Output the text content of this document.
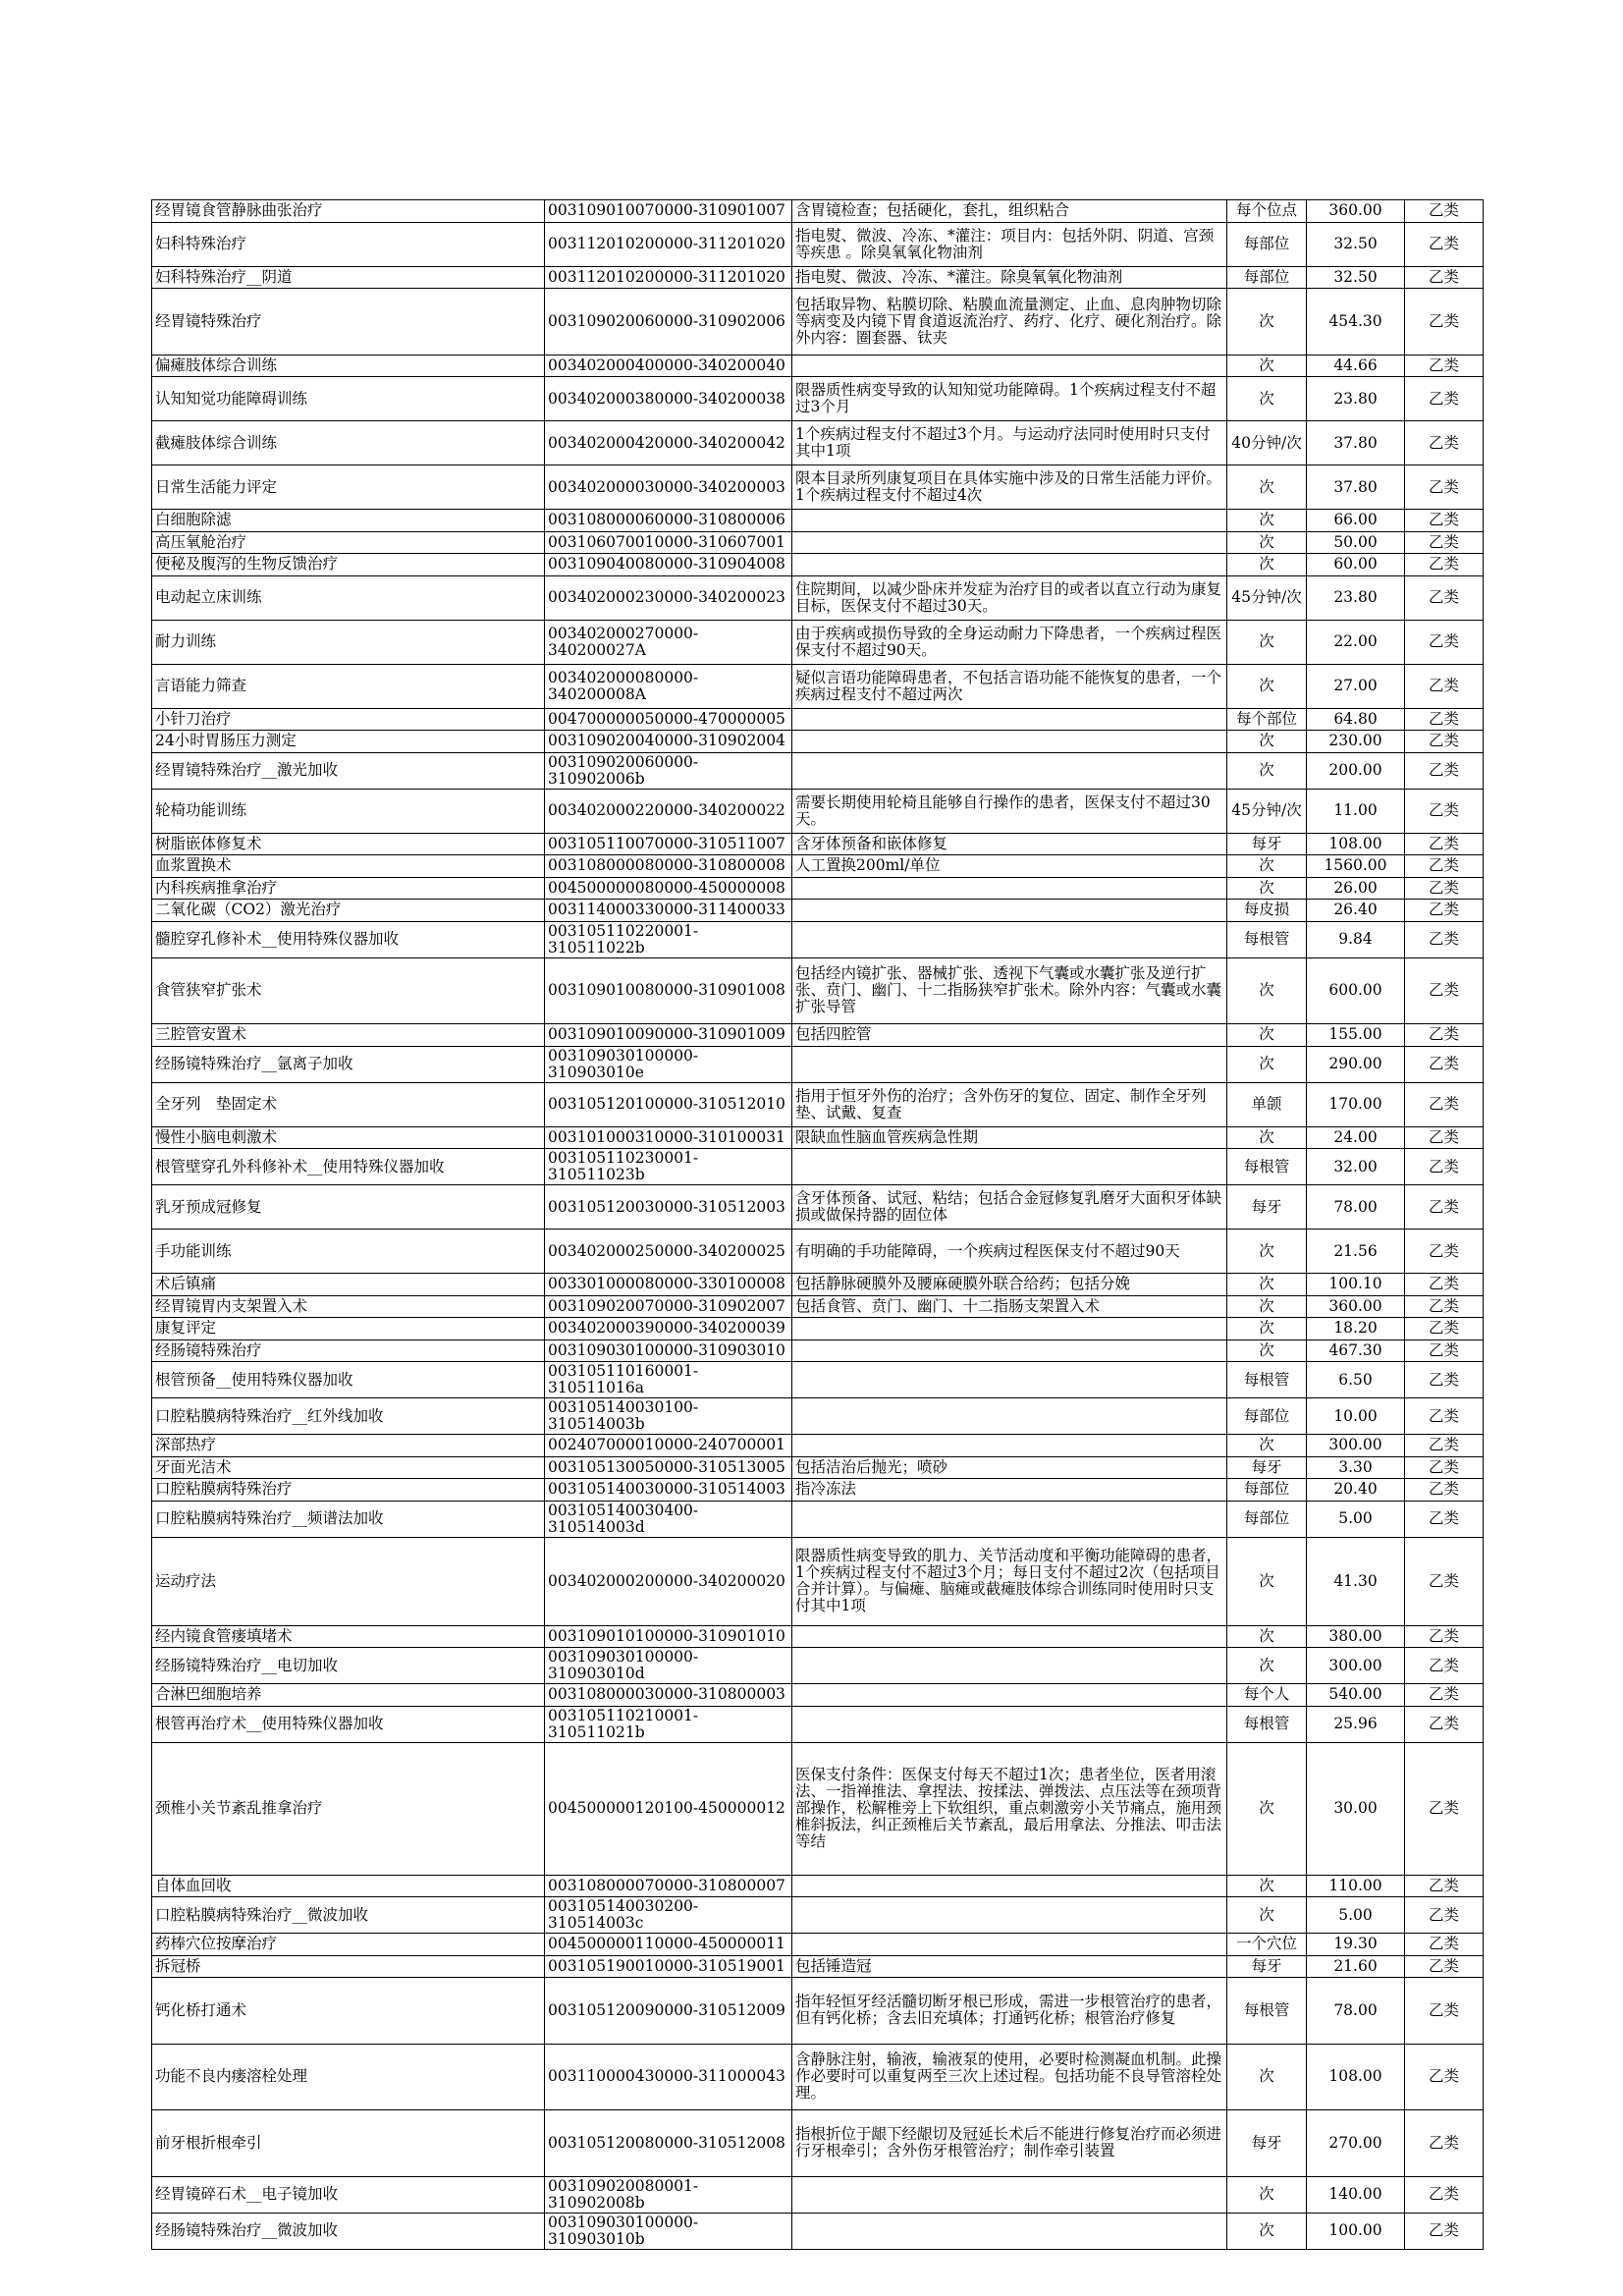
经胃镜食管静脉曲张治疗	003109010070000-310901007	含胃镜检查；包括硬化，套扎，组织粘合	每个位点	360.00	乙类
妇科特殊治疗	003112010200000-311201020	指电熨、微波、冷冻、*灌注：项目内：包括外阴、阴道、宫颈等疾患 。除臭氧氧化物油剂	每部位	32.50	乙类
妇科特殊治疗__阴道	003112010200000-311201020	指电熨、微波、冷冻、*灌注。除臭氧氧化物油剂	每部位	32.50	乙类
经胃镜特殊治疗	003109020060000-310902006	包括取异物、粘膜切除、粘膜血流量测定、止血、息肉肿物切除等病变及内镜下胃食道返流治疗、药疗、化疗、硬化剂治疗。除外内容：圈套器、钛夹	次	454.30	乙类
偏瘫肢体综合训练	003402000400000-340200040		次	44.66	乙类
认知知觉功能障碍训练	003402000380000-340200038	限器质性病变导致的认知知觉功能障碍。1个疾病过程支付不超过3个月	次	23.80	乙类
截瘫肢体综合训练	003402000420000-340200042	1个疾病过程支付不超过3个月。与运动疗法同时使用时只支付其中1项	40分钟/次	37.80	乙类
日常生活能力评定	003402000030000-340200003	限本目录所列康复项目在具体实施中涉及的日常生活能力评价。1个疾病过程支付不超过4次	次	37.80	乙类
白细胞除滤	003108000060000-310800006		次	66.00	乙类
高压氧舱治疗	003106070010000-310607001		次	50.00	乙类
便秘及腹泻的生物反馈治疗	003109040080000-310904008		次	60.00	乙类
电动起立床训练	003402000230000-340200023	住院期间，以减少卧床并发症为治疗目的或者以直立行动为康复目标，医保支付不超过30天。	45分钟/次	23.80	乙类
耐力训练	003402000270000-340200027A	由于疾病或损伤导致的全身运动耐力下降患者，一个疾病过程医保支付不超过90天。	次	22.00	乙类
言语能力筛查	003402000080000-340200008A	疑似言语功能障碍患者，不包括言语功能不能恢复的患者，一个疾病过程支付不超过两次	次	27.00	乙类
小针刀治疗	004700000050000-470000005		每个部位	64.80	乙类
24小时胃肠压力测定	003109020040000-310902004		次	230.00	乙类
经胃镜特殊治疗__激光加收	003109020060000-310902006b		次	200.00	乙类
轮椅功能训练	003402000220000-340200022	需要长期使用轮椅且能够自行操作的患者，医保支付不超过30天。	45分钟/次	11.00	乙类
树脂嵌体修复术	003105110070000-310511007	含牙体预备和嵌体修复	每牙	108.00	乙类
血浆置换术	003108000080000-310800008	人工置换200ml/单位	次	1560.00	乙类
内科疾病推拿治疗	004500000080000-450000008		次	26.00	乙类
二氧化碳（CO2）激光治疗	003114000330000-311400033		每皮损	26.40	乙类
髓腔穿孔修补术__使用特殊仪器加收	003105110220001-310511022b		每根管	9.84	乙类
食管狭窄扩张术	003109010080000-310901008	包括经内镜扩张、器械扩张、透视下气囊或水囊扩张及逆行扩张、贲门、幽门、十二指肠狭窄扩张术。除外内容：气囊或水囊扩张导管	次	600.00	乙类
三腔管安置术	003109010090000-310901009	包括四腔管	次	155.00	乙类
经肠镜特殊治疗__氩离子加收	003109030100000-310903010e		次	290.00	乙类
全牙列　垫固定术	003105120100000-310512010	指用于恒牙外伤的治疗；含外伤牙的复位、固定、制作全牙列　垫、试戴、复查	单颌	170.00	乙类
慢性小脑电刺激术	003101000310000-310100031	限缺血性脑血管疾病急性期	次	24.00	乙类
根管壁穿孔外科修补术__使用特殊仪器加收	003105110230001-310511023b		每根管	32.00	乙类
乳牙预成冠修复	003105120030000-310512003	含牙体预备、试冠、粘结；包括合金冠修复乳磨牙大面积牙体缺损或做保持器的固位体	每牙	78.00	乙类
手功能训练	003402000250000-340200025	有明确的手功能障碍，一个疾病过程医保支付不超过90天	次	21.56	乙类
术后镇痛	003301000080000-330100008	包括静脉硬膜外及腰麻硬膜外联合给药；包括分娩	次	100.10	乙类
经胃镜胃内支架置入术	003109020070000-310902007	包括食管、贲门、幽门、十二指肠支架置入术	次	360.00	乙类
康复评定	003402000390000-340200039		次	18.20	乙类
经肠镜特殊治疗	003109030100000-310903010		次	467.30	乙类
根管预备__使用特殊仪器加收	003105110160001-310511016a		每根管	6.50	乙类
口腔粘膜病特殊治疗__红外线加收	003105140030100-310514003b		每部位	10.00	乙类
深部热疗	002407000010000-240700001		次	300.00	乙类
牙面光洁术	003105130050000-310513005	包括洁治后抛光；喷砂	每牙	3.30	乙类
口腔粘膜病特殊治疗	003105140030000-310514003	指冷冻法	每部位	20.40	乙类
口腔粘膜病特殊治疗__频谱法加收	003105140030400-310514003d		每部位	5.00	乙类
运动疗法	003402000200000-340200020	限器质性病变导致的肌力、关节活动度和平衡功能障碍的患者，1个疾病过程支付不超过3个月；每日支付不超过2次（包括项目合并计算）。与偏瘫、脑瘫或截瘫肢体综合训练同时使用时只支付其中1项	次	41.30	乙类
经内镜食管瘘填堵术	003109010100000-310901010		次	380.00	乙类
经肠镜特殊治疗__电切加收	003109030100000-310903010d		次	300.00	乙类
合淋巴细胞培养	003108000030000-310800003		每个人	540.00	乙类
根管再治疗术__使用特殊仪器加收	003105110210001-310511021b		每根管	25.96	乙类
颈椎小关节紊乱推拿治疗	004500000120100-450000012	医保支付条件：医保支付每天不超过1次；患者坐位，医者用滚法、一指禅推法、拿捏法、按揉法、弹拨法、点压法等在颈项背部操作，松解椎旁上下软组织，重点刺激旁小关节痛点，施用颈椎斜扳法，纠正颈椎后关节紊乱，最后用拿法、分推法、叩击法等结	次	30.00	乙类
自体血回收	003108000070000-310800007		次	110.00	乙类
口腔粘膜病特殊治疗__微波加收	003105140030200-310514003c		次	5.00	乙类
药棒穴位按摩治疗	004500000110000-450000011		一个穴位	19.30	乙类
拆冠桥	003105190010000-310519001	包括锤造冠	每牙	21.60	乙类
钙化桥打通术	003105120090000-310512009	指年轻恒牙经活髓切断牙根已形成，需进一步根管治疗的患者，但有钙化桥；含去旧充填体；打通钙化桥；根管治疗修复	每根管	78.00	乙类
功能不良内瘘溶栓处理	003110000430000-311000043	含静脉注射，输液，输液泵的使用，必要时检测凝血机制。此操作必要时可以重复两至三次上述过程。包括功能不良导管溶栓处理。	次	108.00	乙类
前牙根折根牵引	003105120080000-310512008	指根折位于龈下经龈切及冠延长术后不能进行修复治疗而必须进行牙根牵引；含外伤牙根管治疗；制作牵引装置	每牙	270.00	乙类
经胃镜碎石术__电子镜加收	003109020080001-310902008b		次	140.00	乙类
经肠镜特殊治疗__微波加收	003109030100000-310903010b		次	100.00	乙类
